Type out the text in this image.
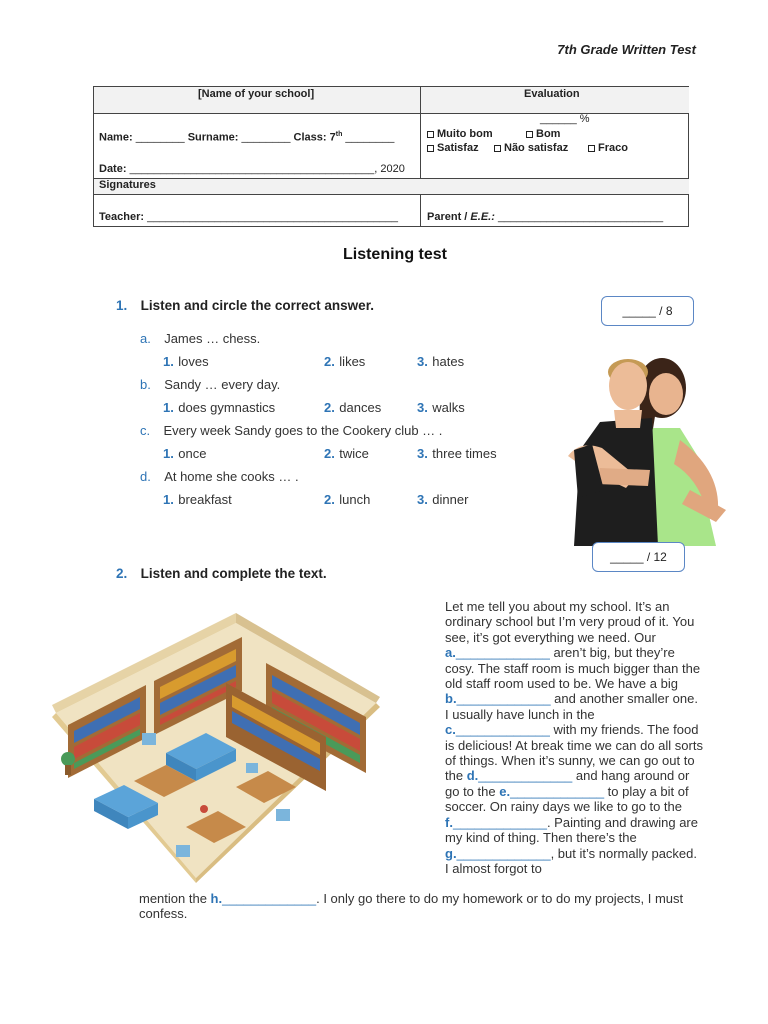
7th Grade Written Test
[Name of your school]	Evaluation
______ %
Muito bom	Bom
Satisfaz	Não satisfaz	Fraco
Name: ________ Surname: ________ Class: 7th ________
Date: ________________________________________, 2020
Signatures
Teacher: _________________________________________	Parent / E.E.: ___________________________
Listening test
1. Listen and circle the correct answer.	_____ / 8
a. James … chess.
1. loves	2. likes	3. hates
b. Sandy … every day.
1. does gymnastics	2. dances	3. walks
c. Every week Sandy goes to the Cookery club … .
1. once	2. twice	3. three times
d. At home she cooks … .
1. breakfast	2. lunch	3. dinner
_____ / 12
2. Listen and complete the text.
Let me tell you about my school. It’s an ordinary school but I’m very proud of it. You see, it’s got everything we need. Our a._____________ aren’t big, but they’re cosy. The staff room is much bigger than the old staff room used to be. We have a big b._____________ and another smaller one. I usually have lunch in the c._____________ with my friends. The food is delicious! At break time we can do all sorts of things. When it’s sunny, we can go out to the d._____________ and hang around or go to the e._____________ to play a bit of soccer. On rainy days we like to go to the f._____________. Painting and drawing are my kind of thing. Then there’s the g._____________, but it’s normally packed. I almost forgot to
mention the h._____________. I only go there to do my homework or to do my projects, I must confess.
